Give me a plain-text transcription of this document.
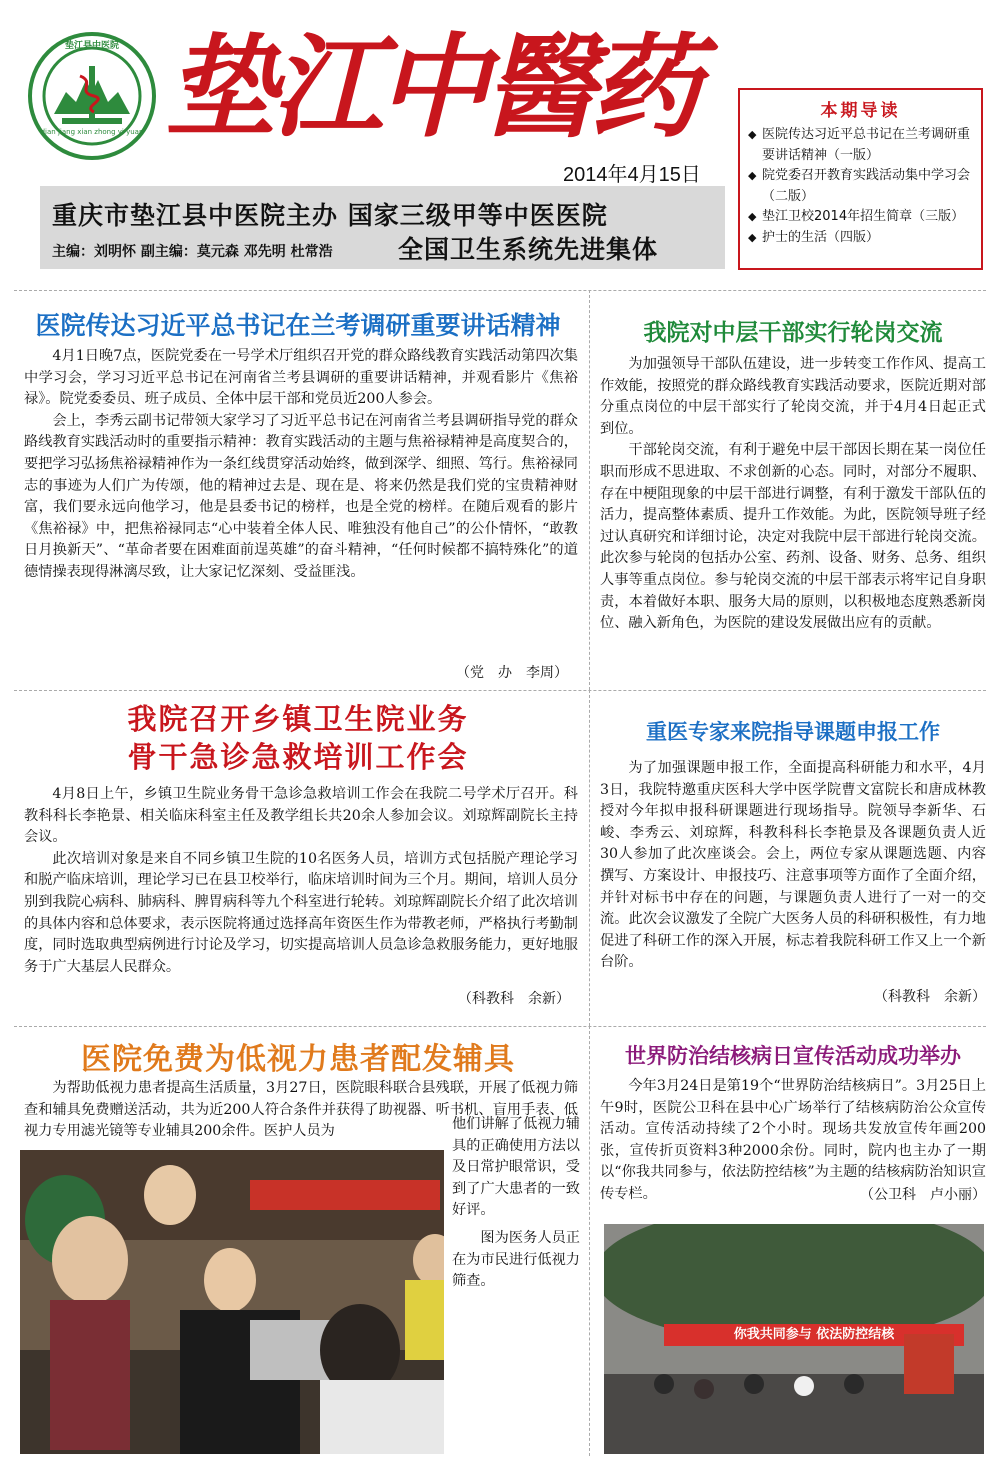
垫江县中医院
dian jiang xian zhong yi yuan 垫江中醫药
2014年4月15日
重庆市垫江县中医院主办 国家三级甲等中医医院
全国卫生系统先进集体
主编：刘明怀 副主编：莫元森 邓先明 杜常浩

本期导读

◆ 医院传达习近平总书记在兰考调研重要讲话精神（一版）
◆ 院党委召开教育实践活动集中学习会（二版）
◆ 垫江卫校2014年招生简章（三版）
◆ 护士的生活（四版）
医院传达习近平总书记在兰考调研重要讲话精神

4月1日晚7点，医院党委在一号学术厅组织召开党的群众路线教育实践活动第四次集中学习会，学习习近平总书记在河南省兰考县调研的重要讲话精神，并观看影片《焦裕禄》。院党委委员、班子成员、全体中层干部和党员近200人参会。

会上，李秀云副书记带领大家学习了习近平总书记在河南省兰考县调研指导党的群众路线教育实践活动时的重要指示精神：教育实践活动的主题与焦裕禄精神是高度契合的，要把学习弘扬焦裕禄精神作为一条红线贯穿活动始终，做到深学、细照、笃行。焦裕禄同志的事迹为人们广为传颂，他的精神过去是、现在是、将来仍然是我们党的宝贵精神财富，我们要永远向他学习，他是县委书记的榜样，也是全党的榜样。在随后观看的影片《焦裕禄》中，把焦裕禄同志“心中装着全体人民、唯独没有他自己”的公仆情怀，“敢教日月换新天”、“革命者要在困难面前逞英雄”的奋斗精神，“任何时候都不搞特殊化”的道德情操表现得淋漓尽致，让大家记忆深刻、受益匪浅。

（党　办　李周）
我院对中层干部实行轮岗交流

为加强领导干部队伍建设，进一步转变工作作风、提高工作效能，按照党的群众路线教育实践活动要求，医院近期对部分重点岗位的中层干部实行了轮岗交流，并于4月4日起正式到位。

干部轮岗交流，有利于避免中层干部因长期在某一岗位任职而形成不思进取、不求创新的心态。同时，对部分不履职、存在中梗阻现象的中层干部进行调整，有利于激发干部队伍的活力，提高整体素质、提升工作效能。为此，医院领导班子经过认真研究和详细讨论，决定对我院中层干部进行轮岗交流。此次参与轮岗的包括办公室、药剂、设备、财务、总务、组织人事等重点岗位。参与轮岗交流的中层干部表示将牢记自身职责，本着做好本职、服务大局的原则，以积极地态度熟悉新岗位、融入新角色，为医院的建设发展做出应有的贡献。

我院召开乡镇卫生院业务
骨干急诊急救培训工作会

4月8日上午，乡镇卫生院业务骨干急诊急救培训工作会在我院二号学术厅召开。科教科科长李艳景、相关临床科室主任及教学组长共20余人参加会议。刘琼辉副院长主持会议。

此次培训对象是来自不同乡镇卫生院的10名医务人员，培训方式包括脱产理论学习和脱产临床培训，理论学习已在县卫校举行，临床培训时间为三个月。期间，培训人员分别到我院心病科、肺病科、脾胃病科等九个科室进行轮转。刘琼辉副院长介绍了此次培训的具体内容和总体要求，表示医院将通过选择高年资医生作为带教老师，严格执行考勤制度，同时选取典型病例进行讨论及学习，切实提高培训人员急诊急救服务能力，更好地服务于广大基层人民群众。

（科教科　余新）
重医专家来院指导课题申报工作

为了加强课题申报工作，全面提高科研能力和水平，4月3日，我院特邀重庆医科大学中医学院曹文富院长和唐成林教授对今年拟申报科研课题进行现场指导。院领导李新华、石峻、李秀云、刘琼辉，科教科科长李艳景及各课题负责人近30人参加了此次座谈会。会上，两位专家从课题选题、内容撰写、方案设计、申报技巧、注意事项等方面作了全面介绍，并针对标书中存在的问题，与课题负责人进行了一对一的交流。此次会议激发了全院广大医务人员的科研积极性，有力地促进了科研工作的深入开展，标志着我院科研工作又上一个新台阶。

（科教科　余新）
医院免费为低视力患者配发辅具

为帮助低视力患者提高生活质量，3月27日，医院眼科联合县残联，开展了低视力筛查和辅具免费赠送活动，共为近200人符合条件并获得了助视器、听书机、盲用手表、低视力专用滤光镜等专业辅具200余件。医护人员为	他们讲解了低视力辅具的正确使用方法以及日常护眼常识，受到了广大患者的一致好评。

图为医务人员正在为市民进行低视力筛查。

世界防治结核病日宣传活动成功举办

今年3月24日是第19个“世界防治结核病日”。3月25日上午9时，医院公卫科在县中心广场举行了结核病防治公众宣传活动。宣传活动持续了2个小时。现场共发放宣传年画200张，宣传折页资料3种2000余份。同时，院内也主办了一期以“你我共同参与，依法防控结核”为主题的结核病防治知识宣传专栏。	（公卫科　卢小丽）
你我共同参与 依法防控结核
